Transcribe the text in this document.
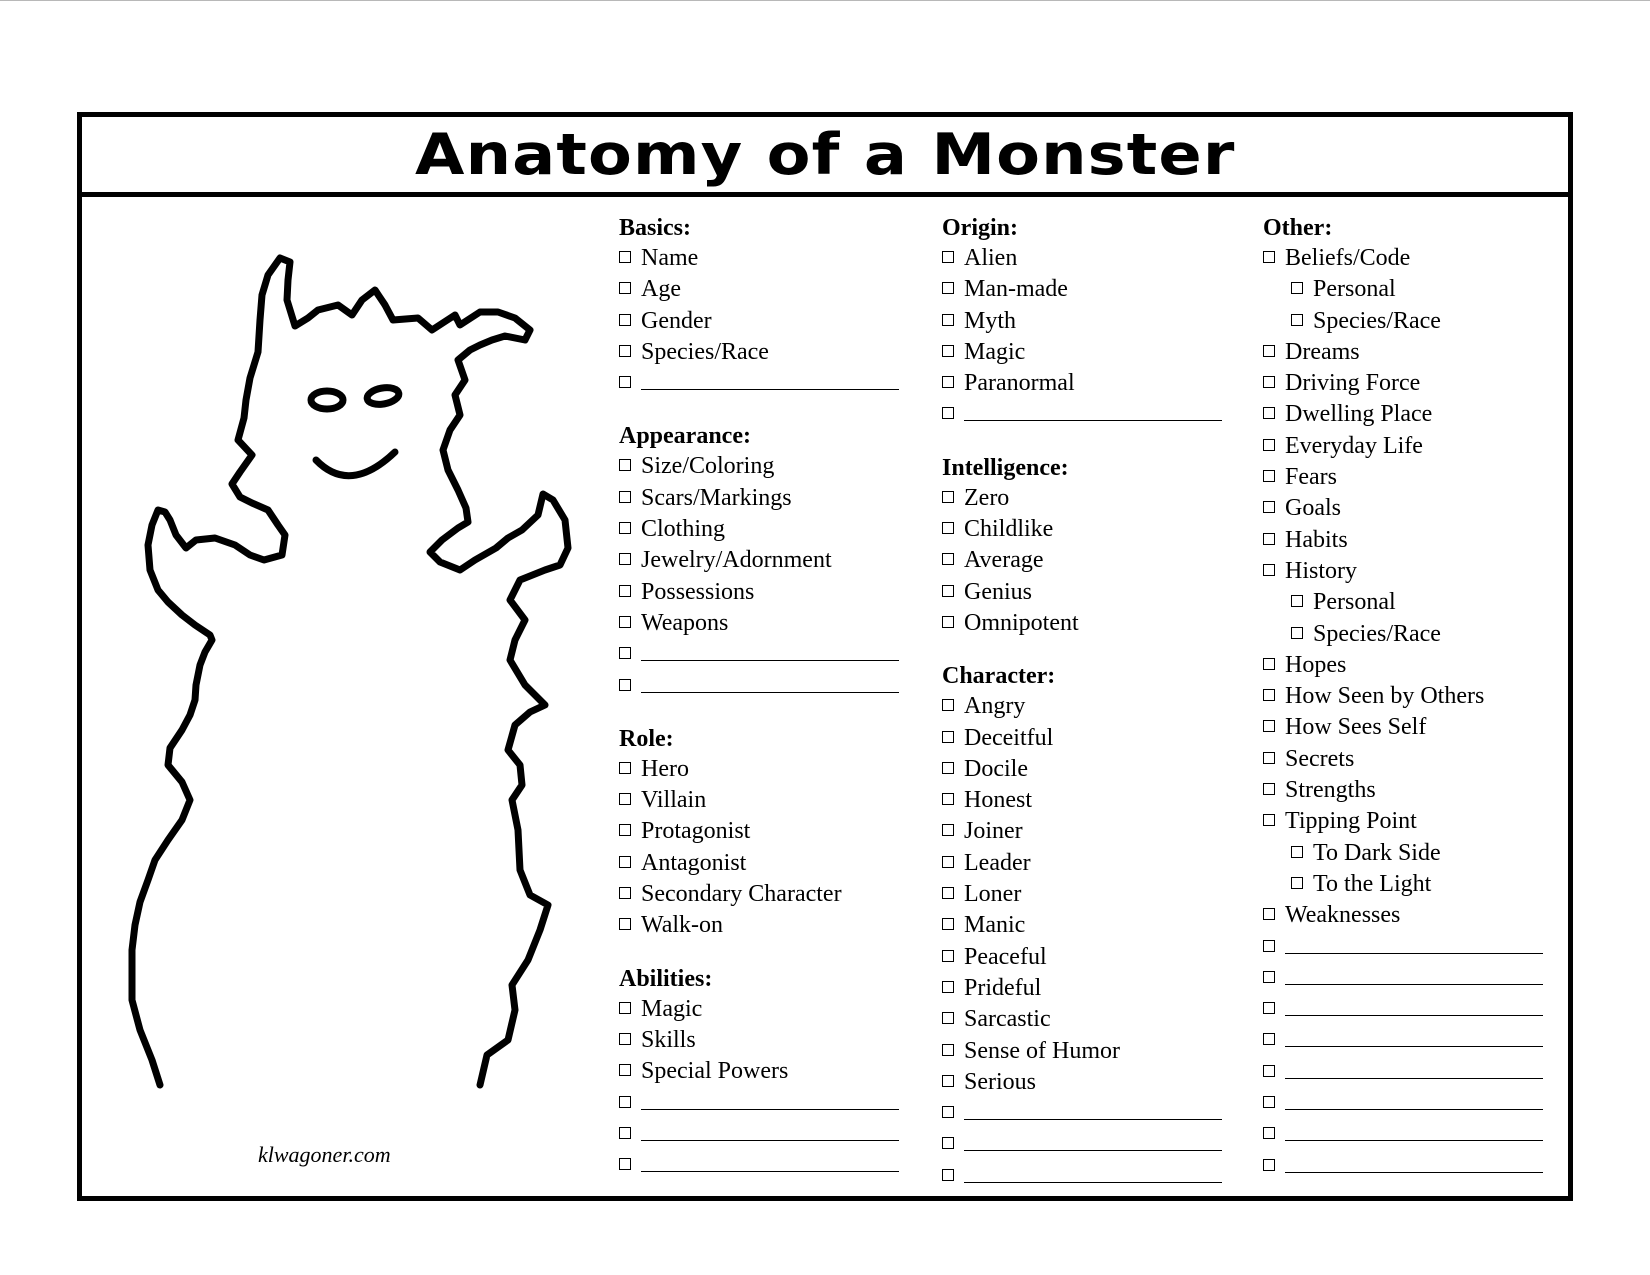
Anatomy of a Monster
klwagoner.com
Basics:
Name
Age
Gender
Species/Race
Appearance:
Size/Coloring
Scars/Markings
Clothing
Jewelry/Adornment
Possessions
Weapons
Role:
Hero
Villain
Protagonist
Antagonist
Secondary Character
Walk-on
Abilities:
Magic
Skills
Special Powers
Origin:
Alien
Man-made
Myth
Magic
Paranormal
Intelligence:
Zero
Childlike
Average
Genius
Omnipotent
Character:
Angry
Deceitful
Docile
Honest
Joiner
Leader
Loner
Manic
Peaceful
Prideful
Sarcastic
Sense of Humor
Serious
Other:
Beliefs/Code
Personal
Species/Race
Dreams
Driving Force
Dwelling Place
Everyday Life
Fears
Goals
Habits
History
Personal
Species/Race
Hopes
How Seen by Others
How Sees Self
Secrets
Strengths
Tipping Point
To Dark Side
To the Light
Weaknesses
